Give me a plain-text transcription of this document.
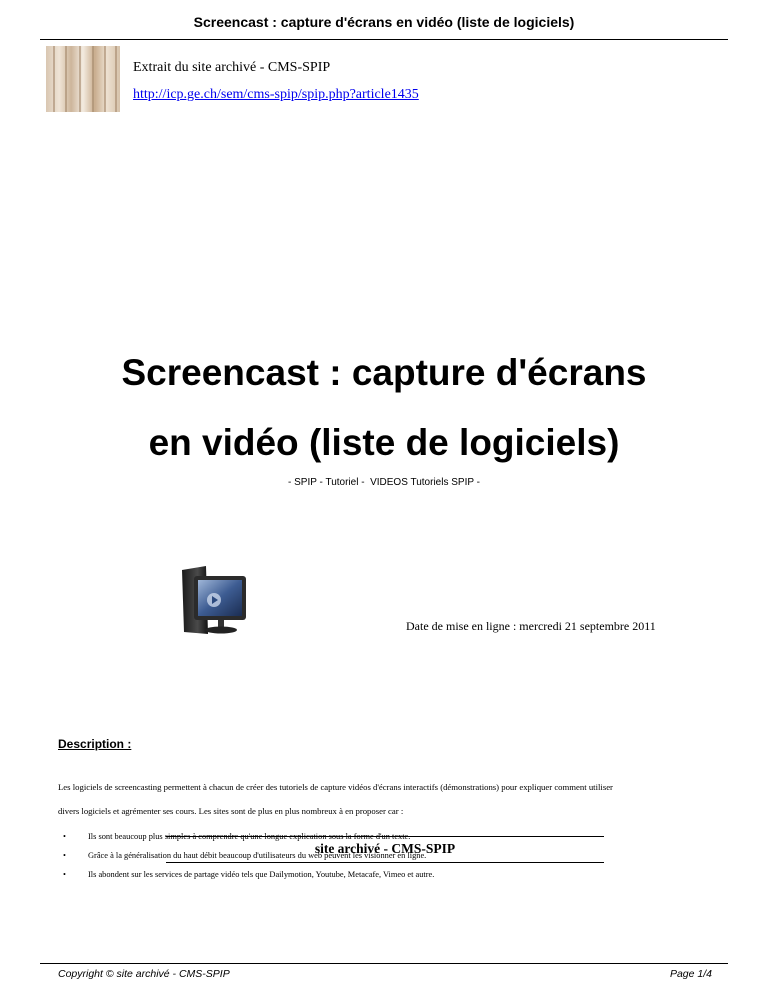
Screencast : capture d'écrans en vidéo (liste de logiciels)
Extrait du site archivé - CMS-SPIP
http://icp.ge.ch/sem/cms-spip/spip.php?article1435
Screencast : capture d'écrans
en vidéo (liste de logiciels)
- SPIP - Tutoriel -  VIDEOS Tutoriels SPIP -
Date de mise en ligne : mercredi 21 septembre 2011
Description :
Les logiciels de screencasting permettent à chacun de créer des tutoriels de capture vidéos d'écrans interactifs (démonstrations) pour expliquer comment utiliser
divers logiciels et agrémenter ses cours. Les sites sont de plus en plus nombreux à en proposer car :
•	Ils sont beaucoup plus simples à comprendre qu'une longue explication sous la forme d'un texte.
•	Grâce à la généralisation du haut débit beaucoup d'utilisateurs du web peuvent les visionner en ligne.
•	Ils abondent sur les services de partage vidéo tels que Dailymotion, Youtube, Metacafe, Vimeo et autre.
site archivé - CMS-SPIP
Copyright © site archivé - CMS-SPIP	Page 1/4
